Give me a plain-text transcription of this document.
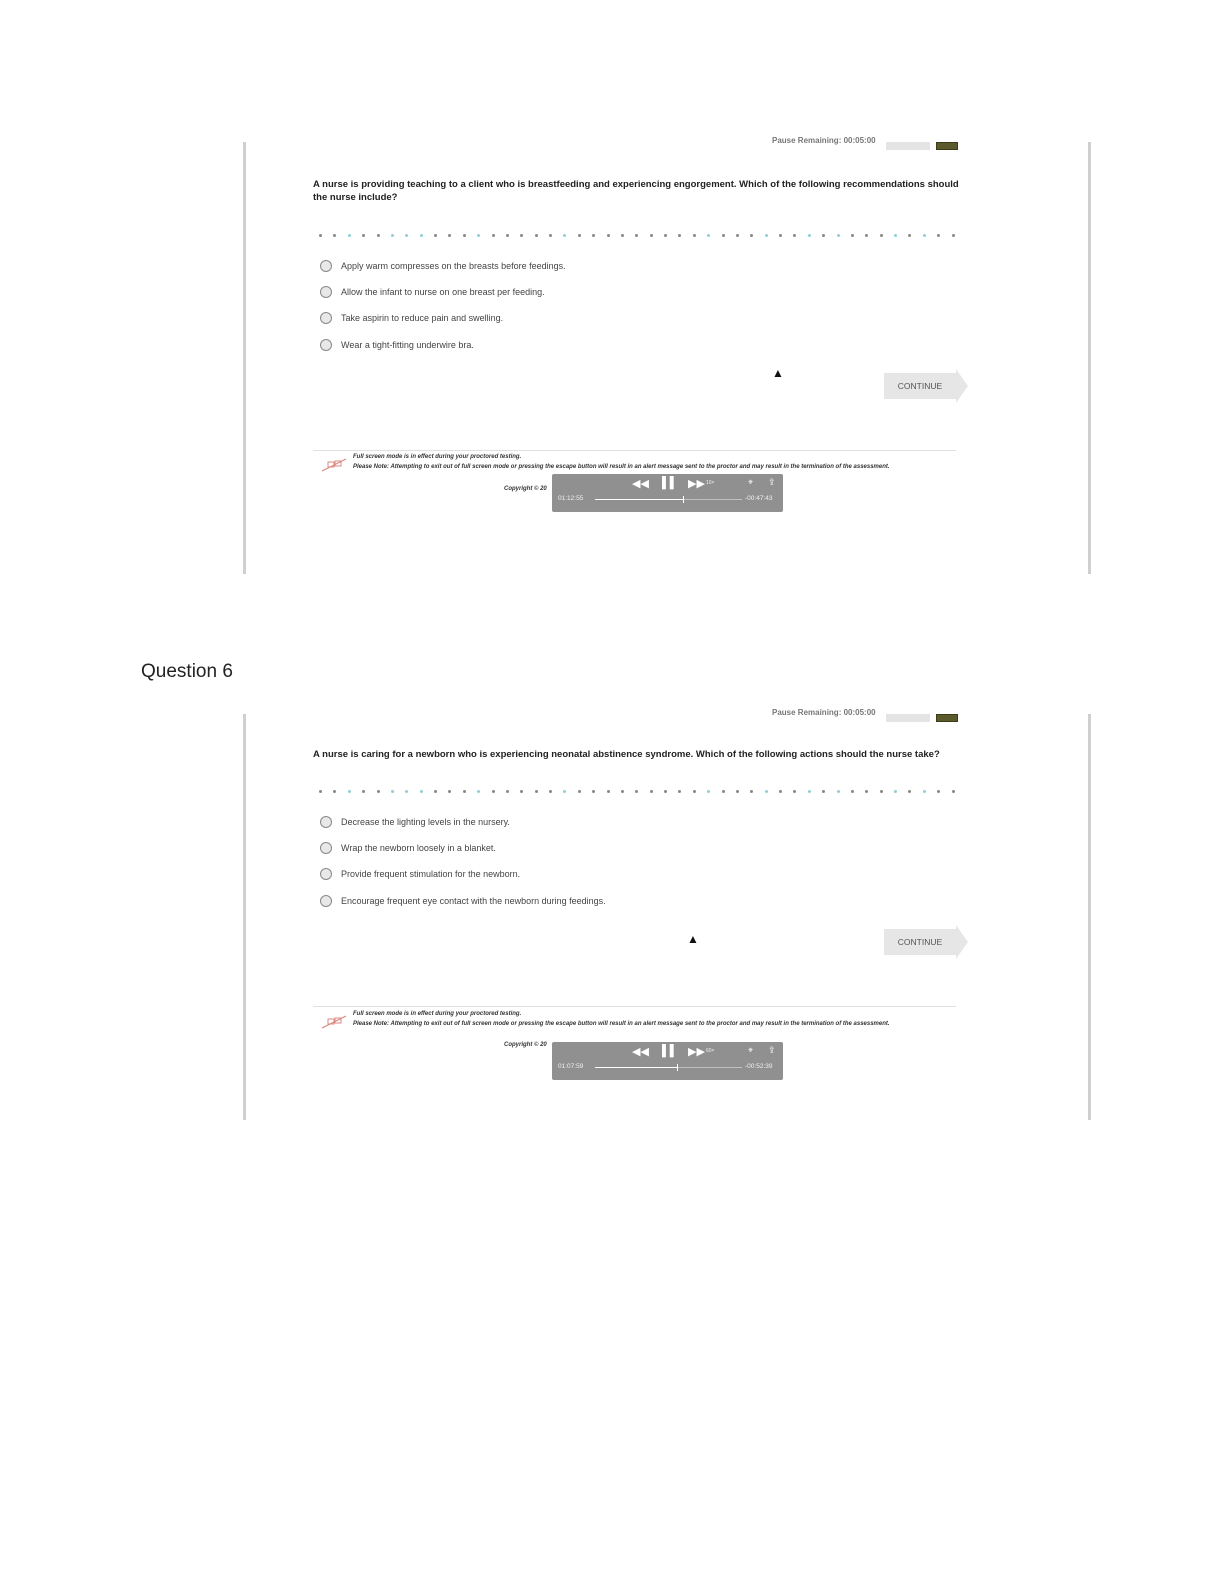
Pause Remaining: 00:05:00
A nurse is providing teaching to a client who is breastfeeding and experiencing engorgement. Which of the following recommendations should the nurse include?
Apply warm compresses on the breasts before feedings.
Allow the infant to nurse on one breast per feeding.
Take aspirin to reduce pain and swelling.
Wear a tight-fitting underwire bra.
▲
CONTINUE
Full screen mode is in effect during your proctored testing.
Please Note: Attempting to exit out of full screen mode or pressing the escape button will result in an alert message sent to the proctor and may result in the termination of the assessment.
Copyright © 20	◀◀ ▌▌ ▶▶ 10×	⌖ ⇪
01:12:55	-00:47:43
Question 6
Pause Remaining: 00:05:00
A nurse is caring for a newborn who is experiencing neonatal abstinence syndrome. Which of the following actions should the nurse take?
Decrease the lighting levels in the nursery.
Wrap the newborn loosely in a blanket.
Provide frequent stimulation for the newborn.
Encourage frequent eye contact with the newborn during feedings.
▲	CONTINUE
Full screen mode is in effect during your proctored testing.
Please Note: Attempting to exit out of full screen mode or pressing the escape button will result in an alert message sent to the proctor and may result in the termination of the assessment.
Copyright © 20
◀◀ ▌▌ ▶▶ 60×	⌖ ⇪
01:07:59	-00:52:39
